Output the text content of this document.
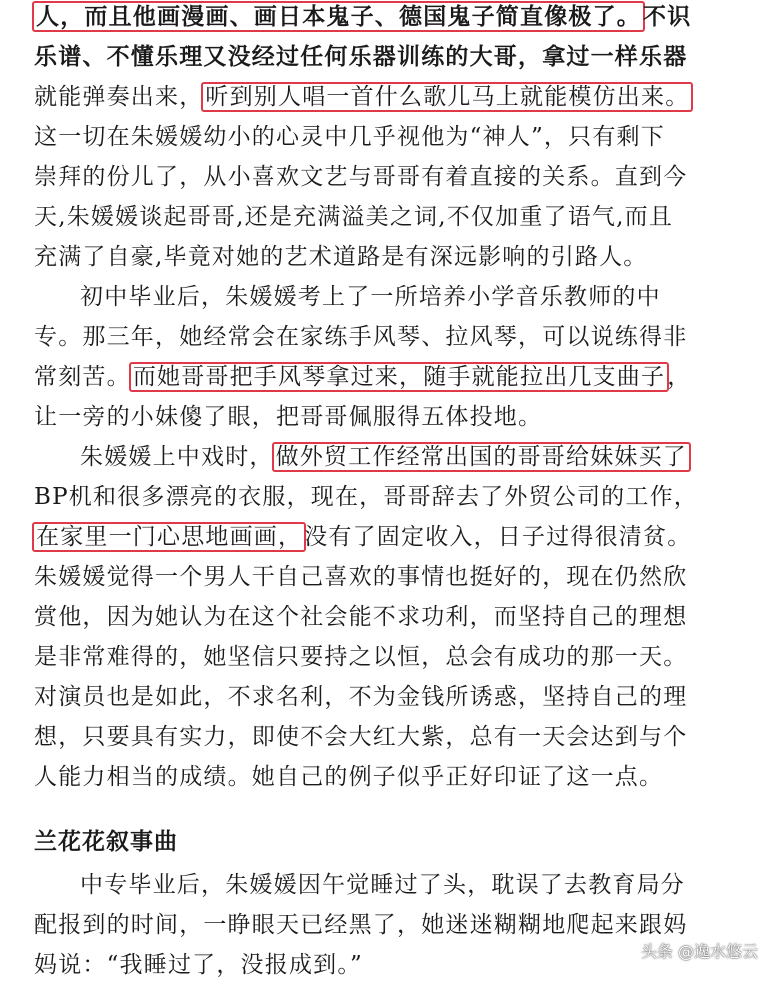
人，而且他画漫画、画日本鬼子、德国鬼子简直像极了。不识
乐谱、不懂乐理又没经过任何乐器训练的大哥，拿过一样乐器
就能弹奏出来，听到别人唱一首什么歌儿马上就能模仿出来。
这一切在朱媛媛幼小的心灵中几乎视他为“神人”，只有剩下
崇拜的份儿了，从小喜欢文艺与哥哥有着直接的关系。直到今
天,朱媛媛谈起哥哥,还是充满溢美之词,不仅加重了语气,而且
充满了自豪,毕竟对她的艺术道路是有深远影响的引路人。
初中毕业后，朱媛媛考上了一所培养小学音乐教师的中
专。那三年，她经常会在家练手风琴、拉风琴，可以说练得非
常刻苦。而她哥哥把手风琴拿过来，随手就能拉出几支曲子，
让一旁的小妹傻了眼，把哥哥佩服得五体投地。
朱媛媛上中戏时，做外贸工作经常出国的哥哥给妹妹买了
BP机和很多漂亮的衣服，现在，哥哥辞去了外贸公司的工作，
在家里一门心思地画画，没有了固定收入，日子过得很清贫。
朱媛媛觉得一个男人干自己喜欢的事情也挺好的，现在仍然欣
赏他，因为她认为在这个社会能不求功利，而坚持自己的理想
是非常难得的，她坚信只要持之以恒，总会有成功的那一天。
对演员也是如此，不求名利，不为金钱所诱惑，坚持自己的理
想，只要具有实力，即使不会大红大紫，总有一天会达到与个
人能力相当的成绩。她自己的例子似乎正好印证了这一点。
兰花花叙事曲
中专毕业后，朱媛媛因午觉睡过了头，耽误了去教育局分
配报到的时间，一睁眼天已经黑了，她迷迷糊糊地爬起来跟妈
妈说：“我睡过了，没报成到。”
头条 @逸水悠云
